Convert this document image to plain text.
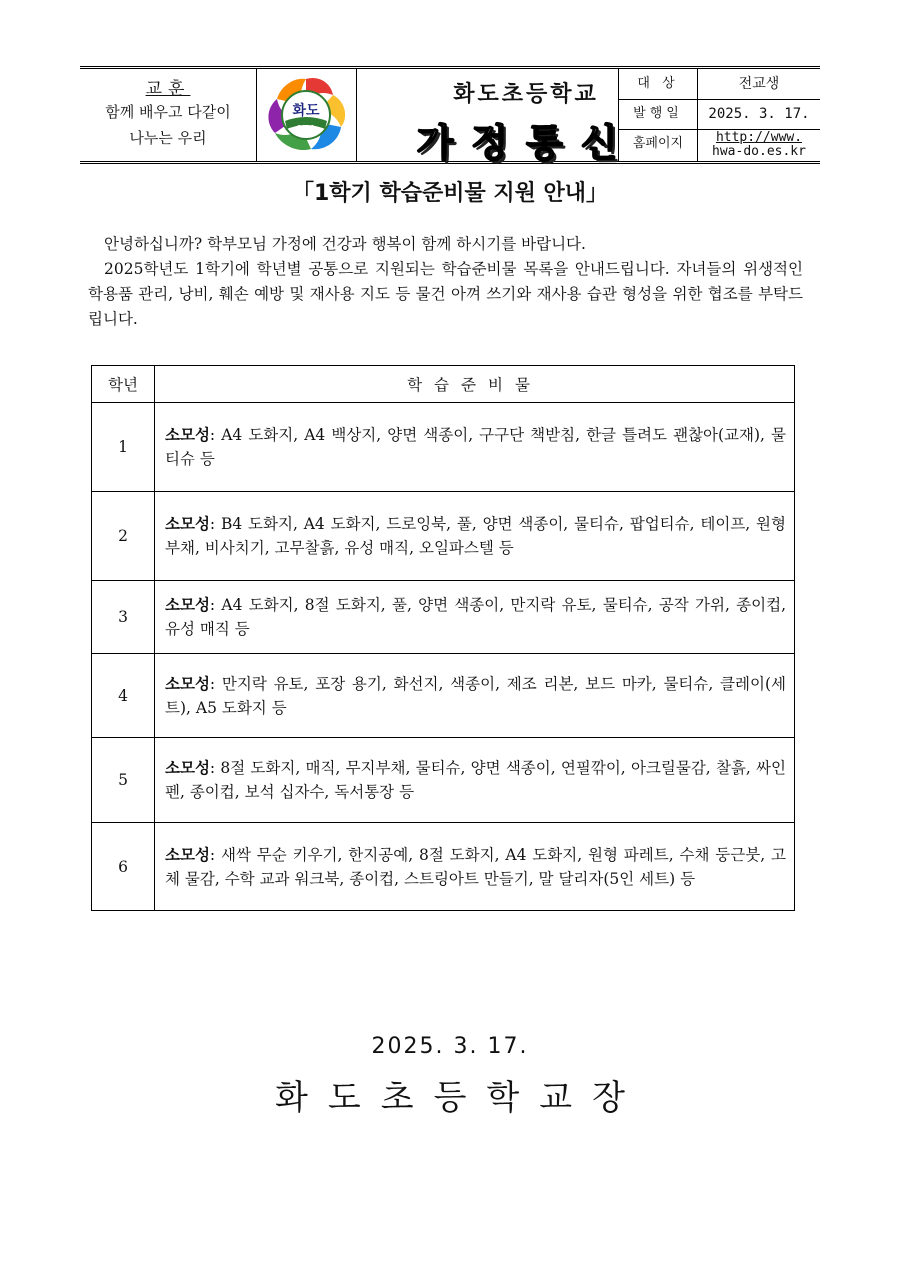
교훈
함께 배우고 다같이
나누는 우리
화도
2011
화도초등학교
가정통신
대 상	전교생
발행일	2025. 3. 17.
홈페이지	http://www.
hwa-do.es.kr
「1학기 학습준비물 지원 안내」

안녕하십니까? 학부모님 가정에 건강과 행복이 함께 하시기를 바랍니다.

2025학년도 1학기에 학년별 공통으로 지원되는 학습준비물 목록을 안내드립니다. 자녀들의 위생적인 학용품 관리, 낭비, 훼손 예방 및 재사용 지도 등 물건 아껴 쓰기와 재사용 습관 형성을 위한 협조를 부탁드립니다.

학년	학습준비물
1	소모성: A4 도화지, A4 백상지, 양면 색종이, 구구단 책받침, 한글 틀려도 괜찮아(교재), 물티슈 등
2	소모성: B4 도화지, A4 도화지, 드로잉북, 풀, 양면 색종이, 물티슈, 팝업티슈, 테이프, 원형부채, 비사치기, 고무찰흙, 유성 매직, 오일파스텔 등
3	소모성: A4 도화지, 8절 도화지, 풀, 양면 색종이, 만지락 유토, 물티슈, 공작 가위, 종이컵, 유성 매직 등
4	소모성: 만지락 유토, 포장 용기, 화선지, 색종이, 제조 리본, 보드 마카, 물티슈, 클레이(세트), A5 도화지 등
5	소모성: 8절 도화지, 매직, 무지부채, 물티슈, 양면 색종이, 연필깎이, 아크릴물감, 찰흙, 싸인펜, 종이컵, 보석 십자수, 독서통장 등
6	소모성: 새싹 무순 키우기, 한지공예, 8절 도화지, A4 도화지, 원형 파레트, 수채 둥근붓, 고체 물감, 수학 교과 워크북, 종이컵, 스트링아트 만들기, 말 달리자(5인 세트) 등
2025. 3. 17.
화도초등학교장
